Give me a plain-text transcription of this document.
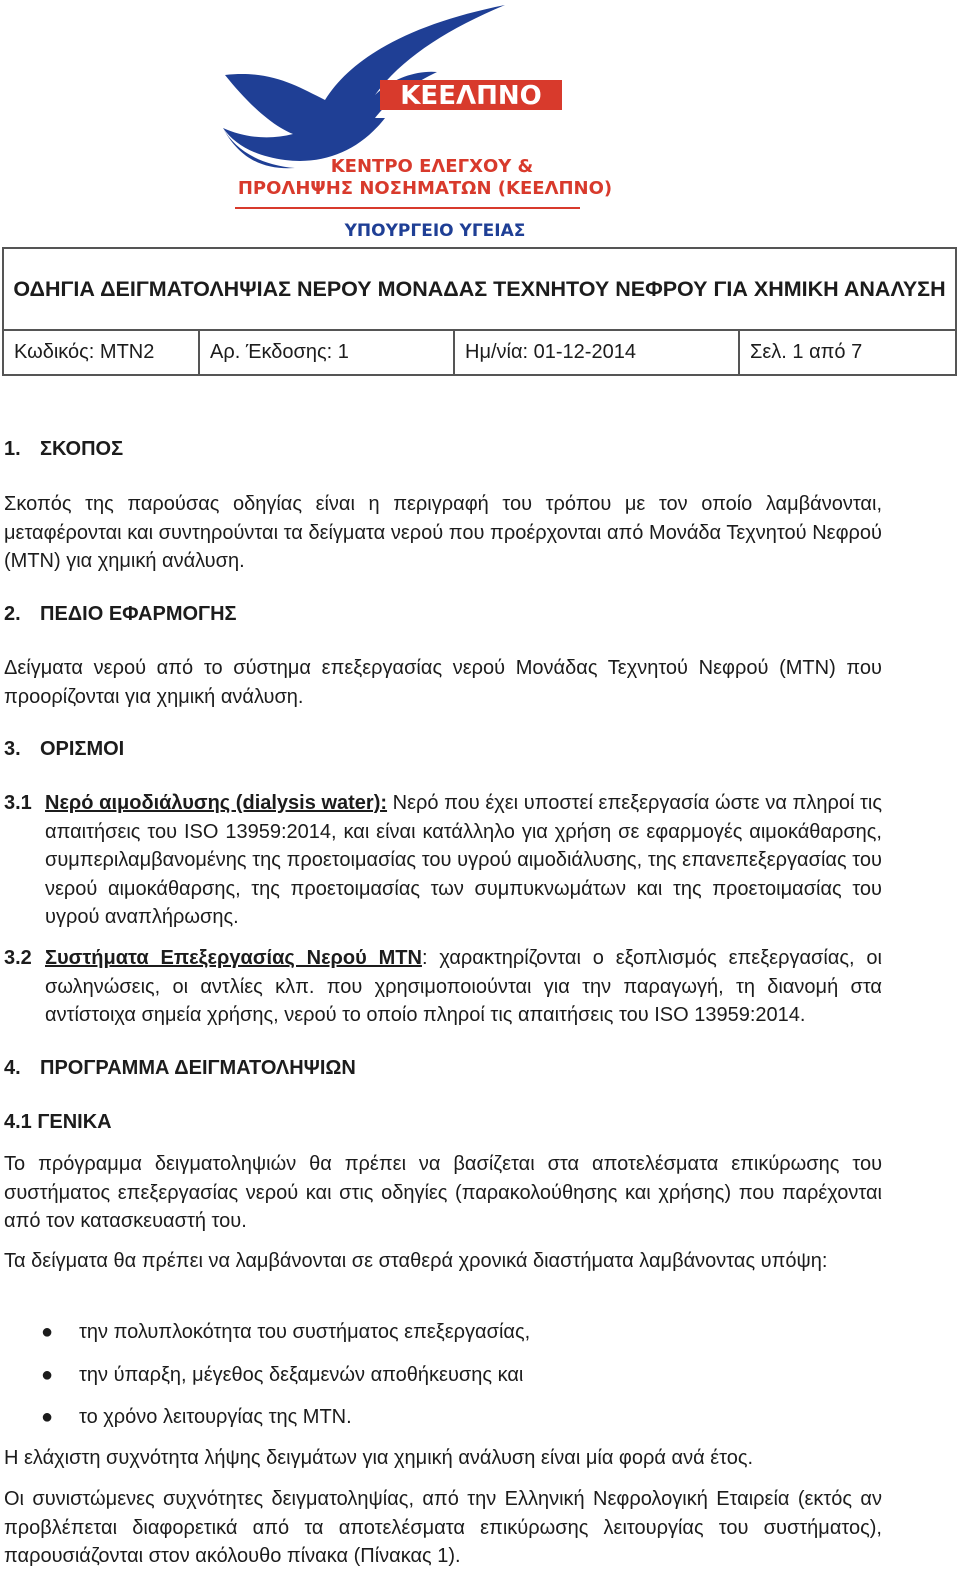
ΚΕΕΛΠΝΟ
ΚΕΝΤΡΟ ΕΛΕΓΧΟΥ &
ΠΡΟΛΗΨΗΣ ΝΟΣΗΜΑΤΩΝ (ΚΕΕΛΠΝΟ)
ΥΠΟΥΡΓΕΙΟ ΥΓΕΙΑΣ
ΟΔΗΓΙΑ ΔΕΙΓΜΑΤΟΛΗΨΙΑΣ ΝΕΡΟΥ ΜΟΝΑΔΑΣ ΤΕΧΝΗΤΟΥ ΝΕΦΡΟΥ ΓΙΑ ΧΗΜΙΚΗ ΑΝΑΛΥΣΗ
Κωδικός: ΜΤΝ2	Αρ. Έκδοσης: 1	Ημ/νία: 01-12-2014	Σελ. 1 από 7
1. ΣΚΟΠΟΣ

Σκοπός της παρούσας οδηγίας είναι η περιγραφή του τρόπου με τον οποίο λαμβάνονται, μεταφέρονται και συντηρούνται τα δείγματα νερού που προέρχονται από Μονάδα Τεχνητού Νεφρού (ΜΤΝ) για χημική ανάλυση.

2. ΠΕΔΙΟ ΕΦΑΡΜΟΓΗΣ

Δείγματα νερού από το σύστημα επεξεργασίας νερού Μονάδας Τεχνητού Νεφρού (ΜΤΝ) που προορίζονται για χημική ανάλυση.

3. ΟΡΙΣΜΟΙ
3.1 Νερό αιμοδιάλυσης (dialysis water): Νερό που έχει υποστεί επεξεργασία ώστε να πληροί τις απαιτήσεις του ISO 13959:2014, και είναι κατάλληλο για χρήση σε εφαρμογές αιμοκάθαρσης, συμπεριλαμβανομένης της προετοιμασίας του υγρού αιμοδιάλυσης, της επανεπεξεργασίας του νερού αιμοκάθαρσης, της προετοιμασίας των συμπυκνωμάτων και της προετοιμασίας του υγρού αναπλήρωσης.

3.2 Συστήματα Επεξεργασίας Νερού ΜΤΝ: χαρακτηρίζονται ο εξοπλισμός επεξεργασίας, οι σωληνώσεις, οι αντλίες κλπ. που χρησιμοποιούνται για την παραγωγή, τη διανομή στα αντίστοιχα σημεία χρήσης, νερού το οποίο πληροί τις απαιτήσεις του ISO 13959:2014.

4. ΠΡΟΓΡΑΜΜΑ ΔΕΙΓΜΑΤΟΛΗΨΙΩΝ
4.1 ΓΕΝΙΚΑ

Το πρόγραμμα δειγματοληψιών θα πρέπει να βασίζεται στα αποτελέσματα επικύρωσης του συστήματος επεξεργασίας νερού και στις οδηγίες (παρακολούθησης και χρήσης) που παρέχονται από τον κατασκευαστή του.

Τα δείγματα θα πρέπει να λαμβάνονται σε σταθερά χρονικά διαστήματα λαμβάνοντας υπόψη:

● την πολυπλοκότητα του συστήματος επεξεργασίας,
● την ύπαρξη, μέγεθος δεξαμενών αποθήκευσης και
● το χρόνο λειτουργίας της ΜΤΝ.

Η ελάχιστη συχνότητα λήψης δειγμάτων για χημική ανάλυση είναι μία φορά ανά έτος.

Οι συνιστώμενες συχνότητες δειγματοληψίας, από την Ελληνική Νεφρολογική Εταιρεία (εκτός αν προβλέπεται διαφορετικά από τα αποτελέσματα επικύρωσης λειτουργίας του συστήματος), παρουσιάζονται στον ακόλουθο πίνακα (Πίνακας 1).
